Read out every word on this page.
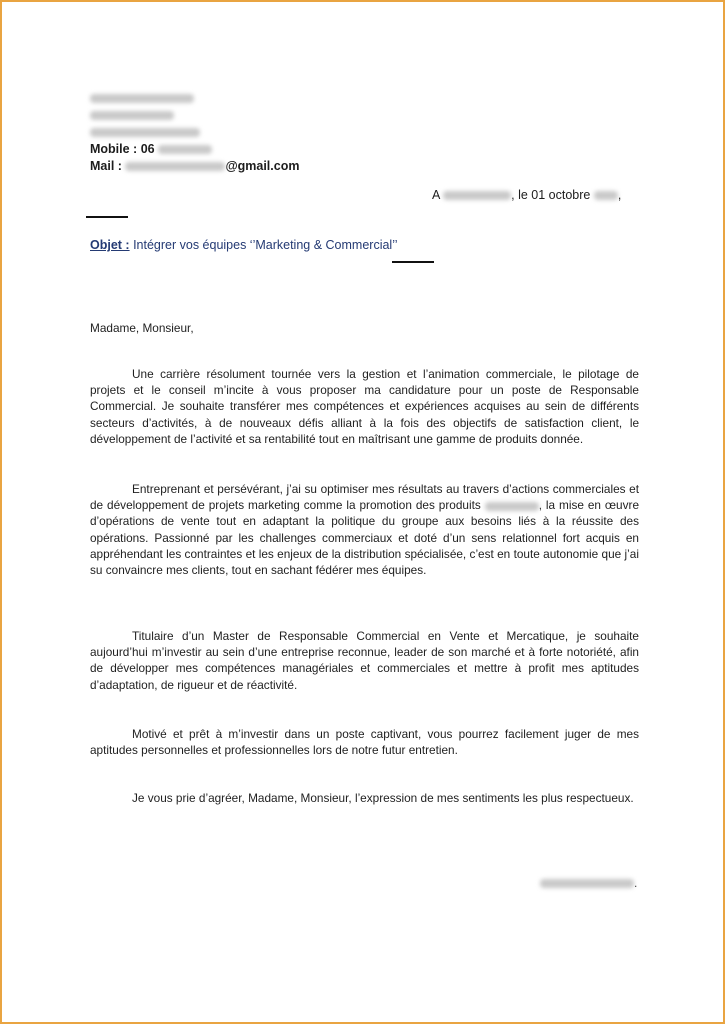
Mobile : 06
Mail :	@gmail.com
A	, le 01 octobre ,
Objet : Intégrer vos équipes ‘’Marketing & Commercial’’
Madame, Monsieur,

Une carrière résolument tournée vers la gestion et l’animation commerciale, le pilotage de projets et le conseil m’incite à vous proposer ma candidature pour un poste de Responsable Commercial. Je souhaite transférer mes compétences et expériences acquises au sein de différents secteurs d’activités, à de nouveaux défis alliant à la fois des objectifs de satisfaction client, le développement de l’activité et sa rentabilité tout en maîtrisant une gamme de produits donnée.

Entreprenant et persévérant, j’ai su optimiser mes résultats au travers d’actions commerciales et de développement de projets marketing comme la promotion des produits	, la mise en œuvre d’opérations de vente tout en adaptant la politique du groupe aux besoins liés à la réussite des opérations. Passionné par les challenges commerciaux et doté d’un sens relationnel fort acquis en appréhendant les contraintes et les enjeux de la distribution spécialisée, c’est en toute autonomie que j’ai su convaincre mes clients, tout en sachant fédérer mes équipes.

Titulaire d’un Master de Responsable Commercial en Vente et Mercatique, je souhaite aujourd’hui m’investir au sein d’une entreprise reconnue, leader de son marché et à forte notoriété, afin de développer mes compétences managériales et commerciales et mettre à profit mes aptitudes d’adaptation, de rigueur et de réactivité.

Motivé et prêt à m’investir dans un poste captivant, vous pourrez facilement juger de mes aptitudes personnelles et professionnelles lors de notre futur entretien.

Je vous prie d’agréer, Madame, Monsieur, l’expression de mes sentiments les plus respectueux.

.
